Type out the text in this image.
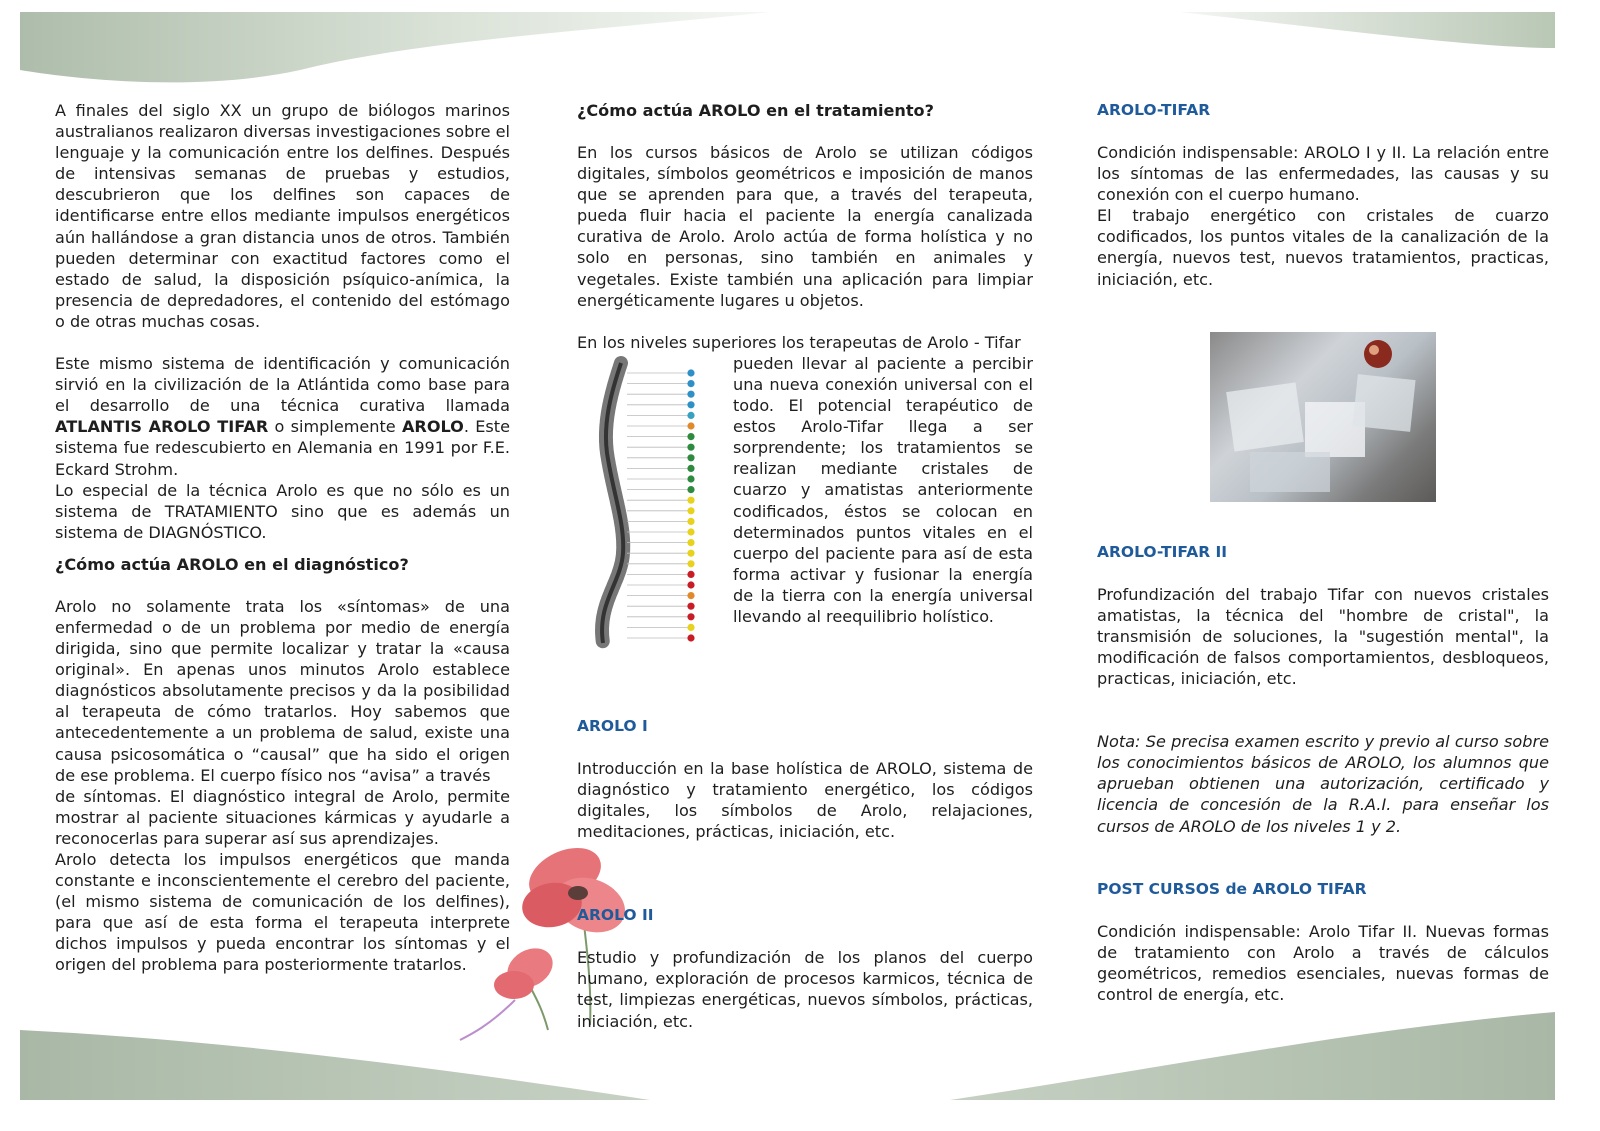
A finales del siglo XX un grupo de biólogos marinos australianos realizaron diversas investigaciones sobre el lenguaje y la comunicación entre los delfines. Después de intensivas semanas de pruebas y estudios, descubrieron que los delfines son capaces de identificarse entre ellos mediante impulsos energéticos aún hallándose a gran distancia unos de otros. También pueden determinar con exactitud factores como el estado de salud, la disposición psíquico-anímica, la presencia de depredadores, el contenido del estómago o de otras muchas cosas.

Este mismo sistema de identificación y comunicación sirvió en la civilización de la Atlántida como base para el desarrollo de una técnica curativa llamada ATLANTIS AROLO TIFAR o simplemente AROLO. Este sistema fue redescubierto en Alemania en 1991 por F.E. Eckard Strohm.

Lo especial de la técnica Arolo es que no sólo es un sistema de TRATAMIENTO sino que es además un sistema de DIAGNÓSTICO.

¿Cómo actúa AROLO en el diagnóstico?

Arolo no solamente trata los «síntomas» de una enfermedad o de un problema por medio de energía dirigida, sino que permite localizar y tratar la «causa original». En apenas unos minutos Arolo establece diagnósticos absolutamente precisos y da la posibilidad al terapeuta de cómo tratarlos. Hoy sabemos que antecedentemente a un problema de salud, existe una causa psicosomática o “causal” que ha sido el origen de ese problema. El cuerpo físico nos “avisa” a través

de síntomas. El diagnóstico integral de Arolo, permite mostrar al paciente situaciones kármicas y ayudarle a reconocerlas para superar así sus aprendizajes.

Arolo detecta los impulsos energéticos que manda constante e inconscientemente el cerebro del paciente, (el mismo sistema de comunicación de los delfines), para que así de esta forma el terapeuta interprete dichos impulsos y pueda encontrar los síntomas y el origen del problema para posteriormente tratarlos.

¿Cómo actúa AROLO en el tratamiento?

En los cursos básicos de Arolo se utilizan códigos digitales, símbolos geométricos e imposición de manos que se aprenden para que, a través del terapeuta, pueda fluir hacia el paciente la energía canalizada curativa de Arolo. Arolo actúa de forma holística y no solo en personas, sino también en animales y vegetales. Existe también una aplicación para limpiar energéticamente lugares u objetos.

En los niveles superiores los terapeutas de Arolo - Tifar

pueden llevar al paciente a percibir una nueva conexión universal con el todo. El potencial terapéutico de estos Arolo-Tifar llega a ser sorprendente; los tratamientos se realizan mediante cristales de cuarzo y amatistas anteriormente codificados, éstos se colocan en determinados puntos vitales en el cuerpo del paciente para así de esta forma activar y fusionar la energía de la tierra con la energía universal llevando al reequilibrio holístico.

AROLO I

Introducción en la base holística de AROLO, sistema de diagnóstico y tratamiento energético, los códigos digitales, los símbolos de Arolo, relajaciones, meditaciones, prácticas, iniciación, etc.

AROLO II

Estudio y profundización de los planos del cuerpo humano, exploración de procesos karmicos, técnica de test, limpiezas energéticas, nuevos símbolos, prácticas, iniciación, etc.

AROLO-TIFAR

Condición indispensable: AROLO I y II. La relación entre los síntomas de las enfermedades, las causas y su conexión con el cuerpo humano.

El trabajo energético con cristales de cuarzo codificados, los puntos vitales de la canalización de la energía, nuevos test, nuevos tratamientos, practicas, iniciación, etc.

AROLO-TIFAR II

Profundización del trabajo Tifar con nuevos cristales amatistas, la técnica del "hombre de cristal", la transmisión de soluciones, la "sugestión mental", la modificación de falsos comportamientos, desbloqueos, practicas, iniciación, etc.

Nota: Se precisa examen escrito y previo al curso sobre los conocimientos básicos de AROLO, los alumnos que aprueban obtienen una autorización, certificado y licencia de concesión de la R.A.I. para enseñar los cursos de AROLO de los niveles 1 y 2.

POST CURSOS de AROLO TIFAR

Condición indispensable: Arolo Tifar II. Nuevas formas de tratamiento con Arolo a través de cálculos geométricos, remedios esenciales, nuevas formas de control de energía, etc.
